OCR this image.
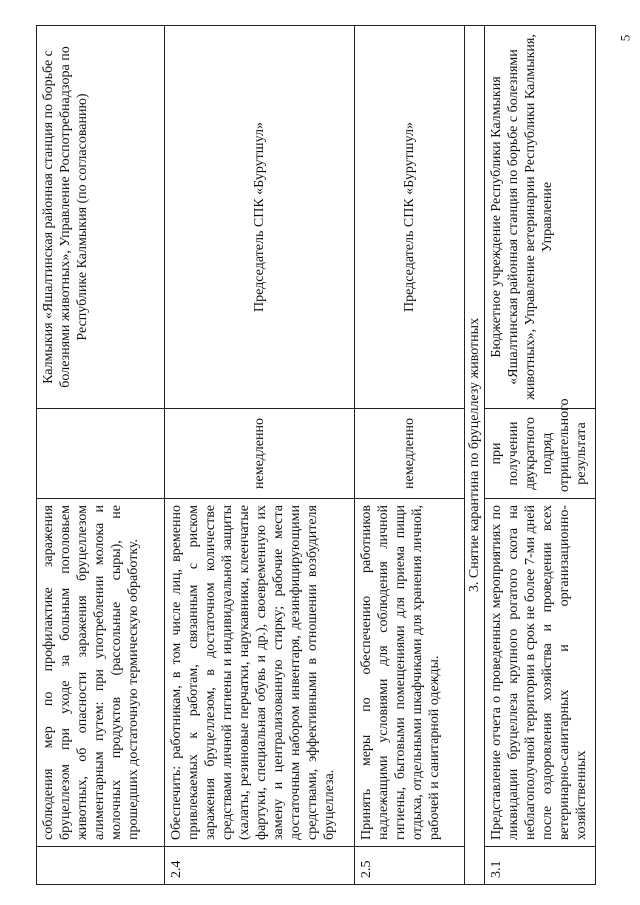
	соблюдения мер по профилактике заражения бруцеллезом при уходе за больным поголовьем животных, об опасности заражения бруцеллезом алиментарным путем: при употреблении молока и молочных продуктов (рассольные сыры), не прошедших достаточную термическую обработку.		Калмыкия «Яшалтинская районная станция по борьбе с болезнями животных», Управление Роспотребнадзора по Республике Калмыкия (по согласованию)
2.4	Обеспечить: работникам, в том числе лиц, временно привлекаемых к работам, связанным с риском заражения бруцеллезом, в достаточном количестве средствами личной гигиены и индивидуальной защиты (халаты, резиновые перчатки, нарукавники, клеенчатые фартуки, специальная обувь и др.), своевременную их замену и централизованную стирку; рабочие места достаточным набором инвентаря, дезинфицирующими средствами, эффективными в отношении возбудителя бруцеллеза.	немедленно	Председатель СПК «Бурутшул»
2.5	Принять меры по обеспечению работников надлежащими условиями для соблюдения личной гигиены, бытовыми помещениями для приема пищи отдыха, отдельными шкафчиками для хранения личной, рабочей и санитарной одежды.	немедленно	Председатель СПК «Бурутшул»
3. Снятие карантина по бруцеллезу животных			
3.1	Представление отчета о проведенных мероприятиях по ликвидации бруцеллеза крупного рогатого скота на неблагополучной территории в срок не более 7-ми дней после оздоровления хозяйства и проведении всех ветеринарно-санитарных и организационно-хозяйственных	при получении двукратного подряд отрицательного результата	Бюджетное учреждение Республики Калмыкия «Яшалтинская районная станция по борьбе с болезнями животных», Управление ветеринарии Республики Калмыкия, Управление
5
